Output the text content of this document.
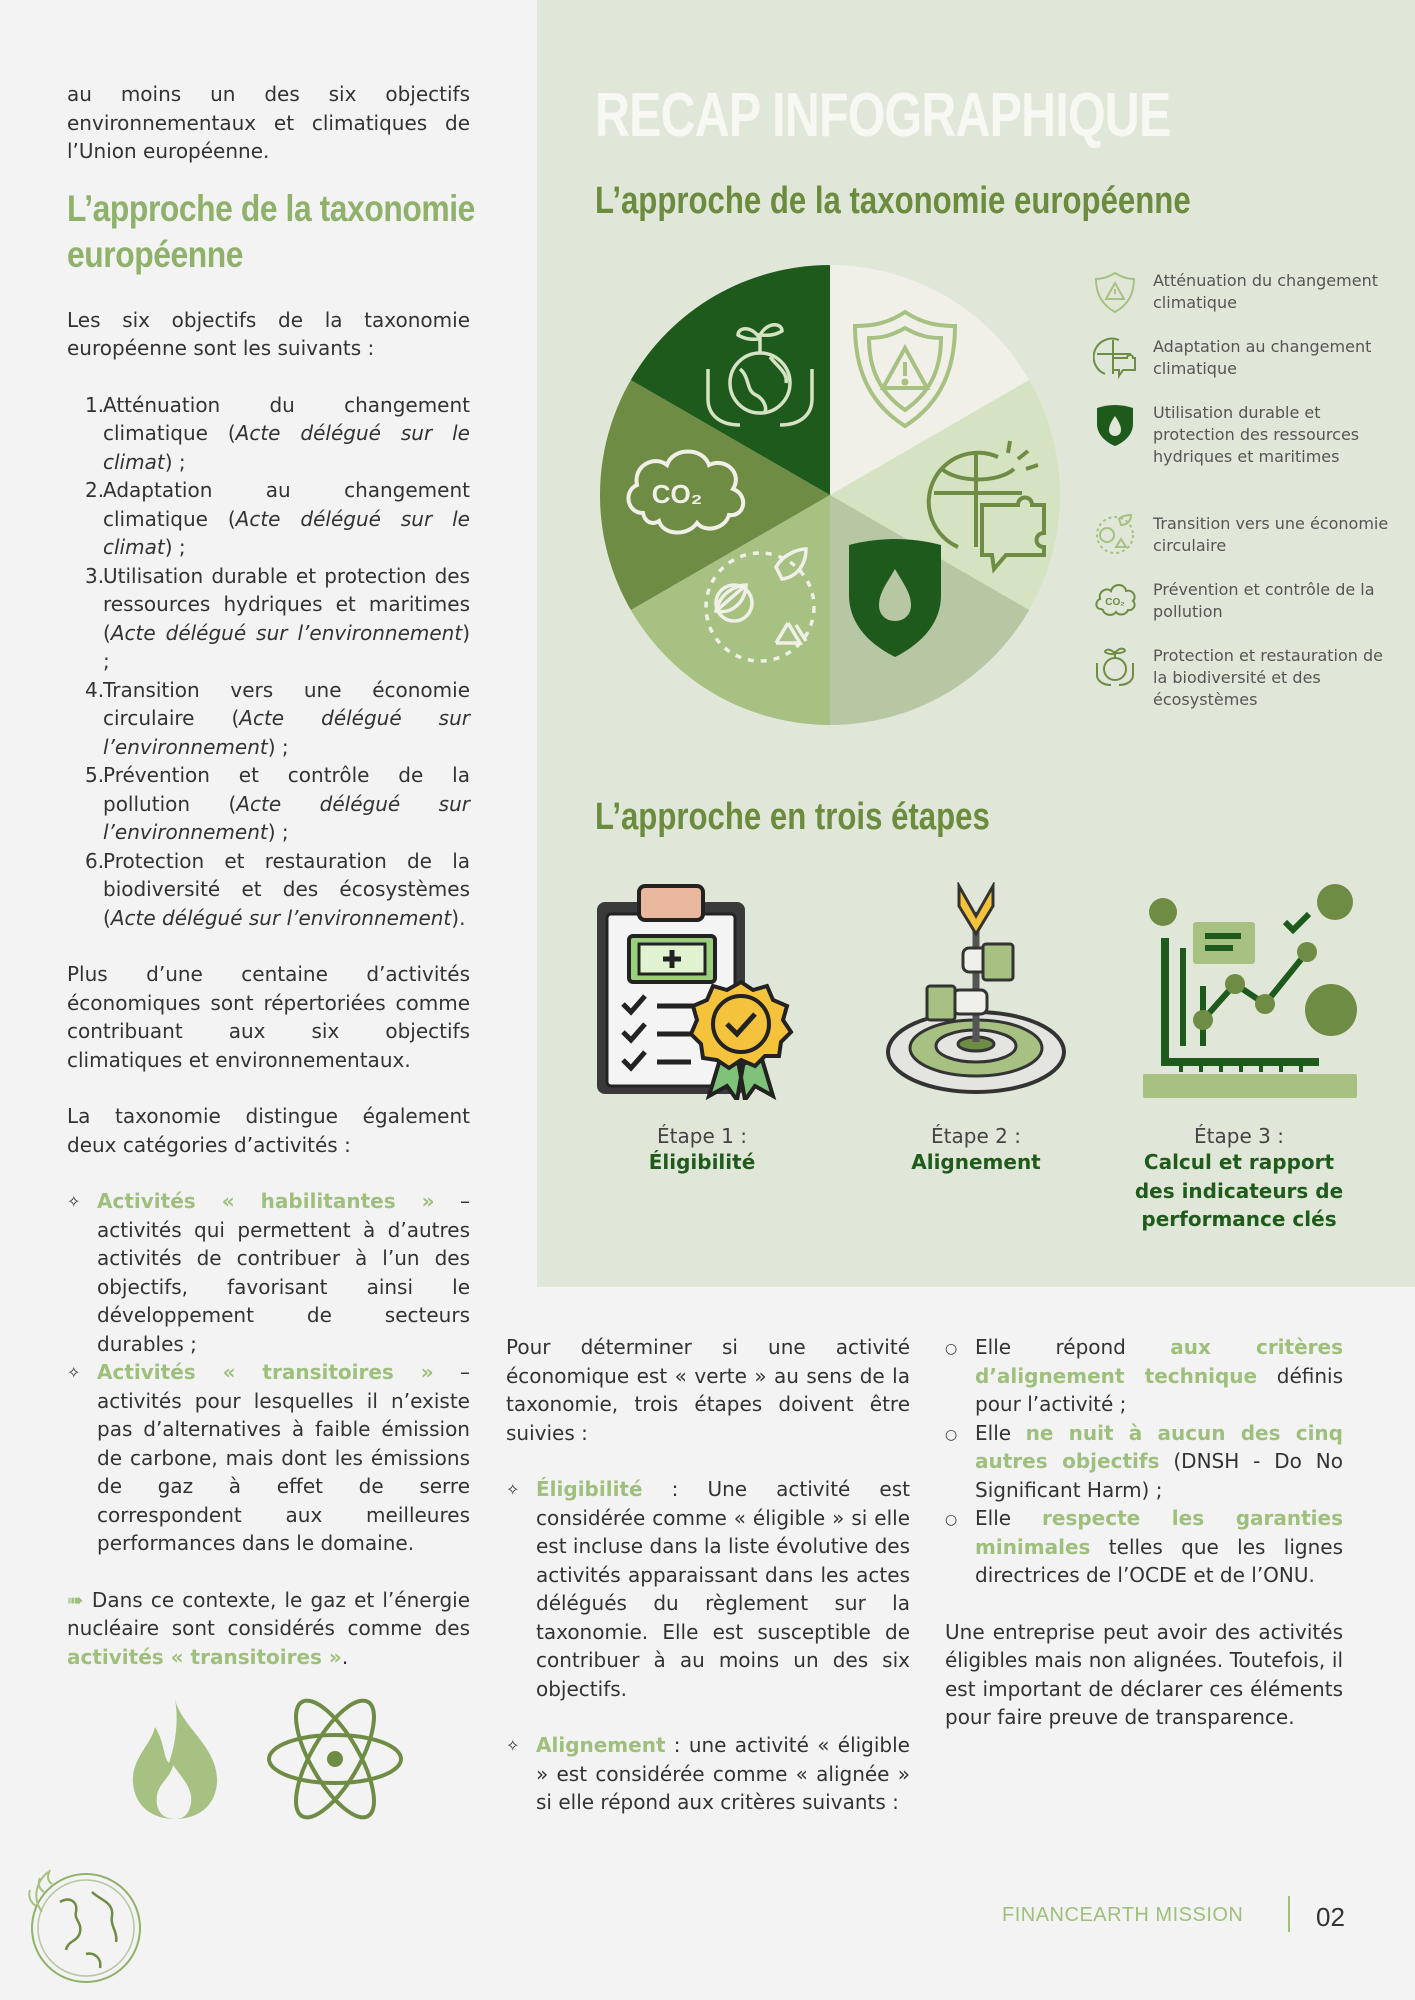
au moins un des six objectifs environnementaux et climatiques de l’Union européenne.

L’approche de la taxonomie
européenne

Les six objectifs de la taxonomie européenne sont les suivants :

1.
Atténuation du changement climatique (Acte délégué sur le climat) ;
2.
Adaptation au changement climatique (Acte délégué sur le climat) ;
3.
Utilisation durable et protection des ressources hydriques et maritimes (Acte délégué sur l’environnement) ;
4.
Transition vers une économie circulaire (Acte délégué sur l’environnement) ;
5.
Prévention et contrôle de la pollution (Acte délégué sur l’environnement) ;
6.
Protection et restauration de la biodiversité et des écosystèmes (Acte délégué sur l’environnement).

Plus d’une centaine d’activités économiques sont répertoriées comme contribuant aux six objectifs climatiques et environnementaux.

La taxonomie distingue également deux catégories d’activités :

✧ Activités « habilitantes » – activités qui permettent à d’autres activités de contribuer à l’un des objectifs, favorisant ainsi le développement de secteurs durables ;
✧ Activités « transitoires » – activités pour lesquelles il n’existe pas d’alternatives à faible émission de carbone, mais dont les émissions de gaz à effet de serre correspondent aux meilleures performances dans le domaine.

➠ Dans ce contexte, le gaz et l’énergie nucléaire sont considérés comme des activités « transitoires ».

RECAP INFOGRAPHIQUE
L’approche de la taxonomie européenne
CO₂
Atténuation du changement climatique
Adaptation au changement climatique
Utilisation durable et protection des ressources hydriques et maritimes
Transition vers une économie circulaire
CO₂
Prévention et contrôle de la pollution
Protection et restauration de la biodiversité et des écosystèmes
L’approche en trois étapes
Étape 1 :
Éligibilité
Étape 2 :
Alignement
Étape 3 :
Calcul et rapport des indicateurs de performance clés

Pour déterminer si une activité économique est « verte » au sens de la taxonomie, trois étapes doivent être suivies :

✧ Éligibilité : Une activité est considérée comme « éligible » si elle est incluse dans la liste évolutive des activités apparaissant dans les actes délégués du règlement sur la taxonomie. Elle est susceptible de contribuer à au moins un des six objectifs.
✧ Alignement : une activité « éligible » est considérée comme « alignée » si elle répond aux critères suivants :
○ Elle répond aux critères d’alignement technique définis pour l’activité ;
○ Elle ne nuit à aucun des cinq autres objectifs (DNSH - Do No Significant Harm) ;
○ Elle respecte les garanties minimales telles que les lignes directrices de l’OCDE et de l’ONU.

Une entreprise peut avoir des activités éligibles mais non alignées. Toutefois, il est important de déclarer ces éléments pour faire preuve de transparence.

FINANCEARTH MISSION	02
